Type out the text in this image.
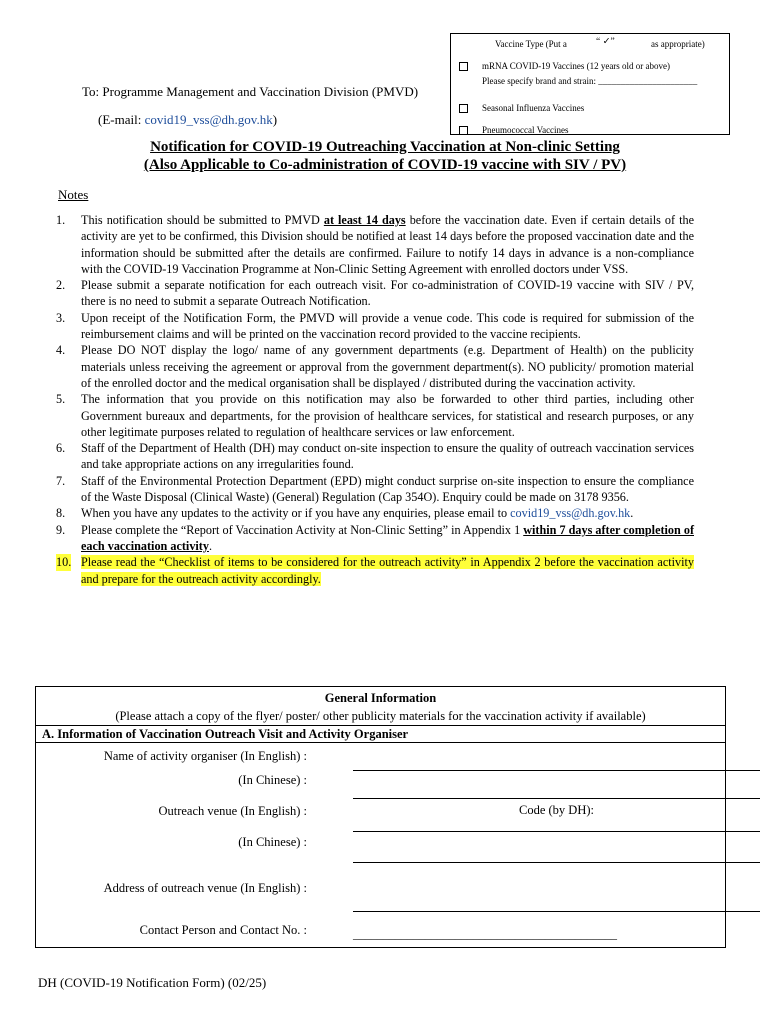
Vaccine Type (Put a	“ ✓”	as appropriate)
mRNA COVID-19 Vaccines (12 years old or above)
Please specify brand and strain: ______________________
Seasonal Influenza Vaccines
Pneumococcal Vaccines
To: Programme Management and Vaccination Division (PMVD)
(E-mail: covid19_vss@dh.gov.hk)
Notification for COVID-19 Outreaching Vaccination at Non-clinic Setting
(Also Applicable to Co-administration of COVID-19 vaccine with SIV / PV)
Notes
1. This notification should be submitted to PMVD at least 14 days before the vaccination date. Even if certain details of the activity are yet to be confirmed, this Division should be notified at least 14 days before the proposed vaccination date and the information should be submitted after the details are confirmed. Failure to notify 14 days in advance is a non-compliance with the COVID-19 Vaccination Programme at Non-Clinic Setting Agreement with enrolled doctors under VSS.
2. Please submit a separate notification for each outreach visit. For co-administration of COVID-19 vaccine with SIV / PV, there is no need to submit a separate Outreach Notification.
3. Upon receipt of the Notification Form, the PMVD will provide a venue code. This code is required for submission of the reimbursement claims and will be printed on the vaccination record provided to the vaccine recipients.
4. Please DO NOT display the logo/ name of any government departments (e.g. Department of Health) on the publicity materials unless receiving the agreement or approval from the government department(s). NO publicity/ promotion material of the enrolled doctor and the medical organisation shall be displayed / distributed during the vaccination activity.
5. The information that you provide on this notification may also be forwarded to other third parties, including other Government bureaux and departments, for the provision of healthcare services, for statistical and research purposes, or any other legitimate purposes related to regulation of healthcare services or law enforcement.
6. Staff of the Department of Health (DH) may conduct on-site inspection to ensure the quality of outreach vaccination services and take appropriate actions on any irregularities found.
7. Staff of the Environmental Protection Department (EPD) might conduct surprise on-site inspection to ensure the compliance of the Waste Disposal (Clinical Waste) (General) Regulation (Cap 354O). Enquiry could be made on 3178 9356.
8. When you have any updates to the activity or if you have any enquiries, please email to covid19_vss@dh.gov.hk.
9. Please complete the “Report of Vaccination Activity at Non-Clinic Setting” in Appendix 1 within 7 days after completion of each vaccination activity.
10. Please read the “Checklist of items to be considered for the outreach activity” in Appendix 2 before the vaccination activity and prepare for the outreach activity accordingly.
General Information
(Please attach a copy of the flyer/ poster/ other publicity materials for the vaccination activity if available)
A. Information of Vaccination Outreach Visit and Activity Organiser
Name of activity organiser (In English) :
(In Chinese) :
Outreach venue (In English) :	Code (by DH):
(In Chinese) :
Address of outreach venue (In English) :
Contact Person and Contact No. :	____________________________________________
DH (COVID-19 Notification Form) (02/25)
